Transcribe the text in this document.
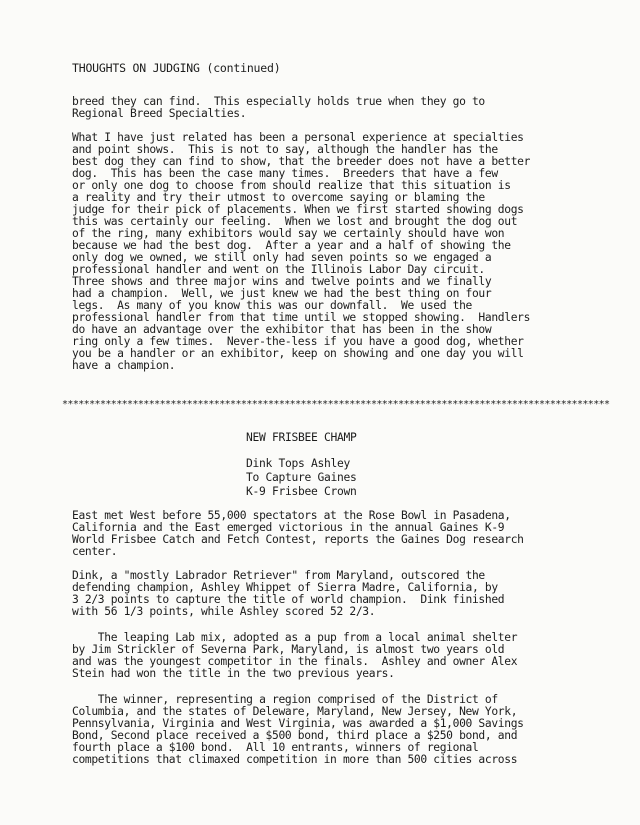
THOUGHTS ON JUDGING (continued)
breed they can find.  This especially holds true when they go to
Regional Breed Specialties.
What I have just related has been a personal experience at specialties
and point shows.  This is not to say, although the handler has the
best dog they can find to show, that the breeder does not have a better
dog.  This has been the case many times.  Breeders that have a few
or only one dog to choose from should realize that this situation is
a reality and try their utmost to overcome saying or blaming the
judge for their pick of placements. When we first started showing dogs
this was certainly our feeling.  When we lost and brought the dog out
of the ring, many exhibitors would say we certainly should have won
because we had the best dog.  After a year and a half of showing the
only dog we owned, we still only had seven points so we engaged a
professional handler and went on the Illinois Labor Day circuit.
Three shows and three major wins and twelve points and we finally
had a champion.  Well, we just knew we had the best thing on four
legs.  As many of you know this was our downfall.  We used the
professional handler from that time until we stopped showing.  Handlers
do have an advantage over the exhibitor that has been in the show
ring only a few times.  Never-the-less if you have a good dog, whether
you be a handler or an exhibitor, keep on showing and one day you will
have a champion.
*****************************************************************************************************
NEW FRISBEE CHAMP
Dink Tops Ashley
To Capture Gaines
K-9 Frisbee Crown
East met West before 55,000 spectators at the Rose Bowl in Pasadena,
California and the East emerged victorious in the annual Gaines K-9
World Frisbee Catch and Fetch Contest, reports the Gaines Dog research
center.
Dink, a "mostly Labrador Retriever" from Maryland, outscored the
defending champion, Ashley Whippet of Sierra Madre, California, by
3 2/3 points to capture the title of world champion.  Dink finished
with 56 1/3 points, while Ashley scored 52 2/3.
The leaping Lab mix, adopted as a pup from a local animal shelter
by Jim Strickler of Severna Park, Maryland, is almost two years old
and was the youngest competitor in the finals.  Ashley and owner Alex
Stein had won the title in the two previous years.
The winner, representing a region comprised of the District of
Columbia, and the states of Deleware, Maryland, New Jersey, New York,
Pennsylvania, Virginia and West Virginia, was awarded a $1,000 Savings
Bond, Second place received a $500 bond, third place a $250 bond, and
fourth place a $100 bond.  All 10 entrants, winners of regional
competitions that climaxed competition in more than 500 cities across
